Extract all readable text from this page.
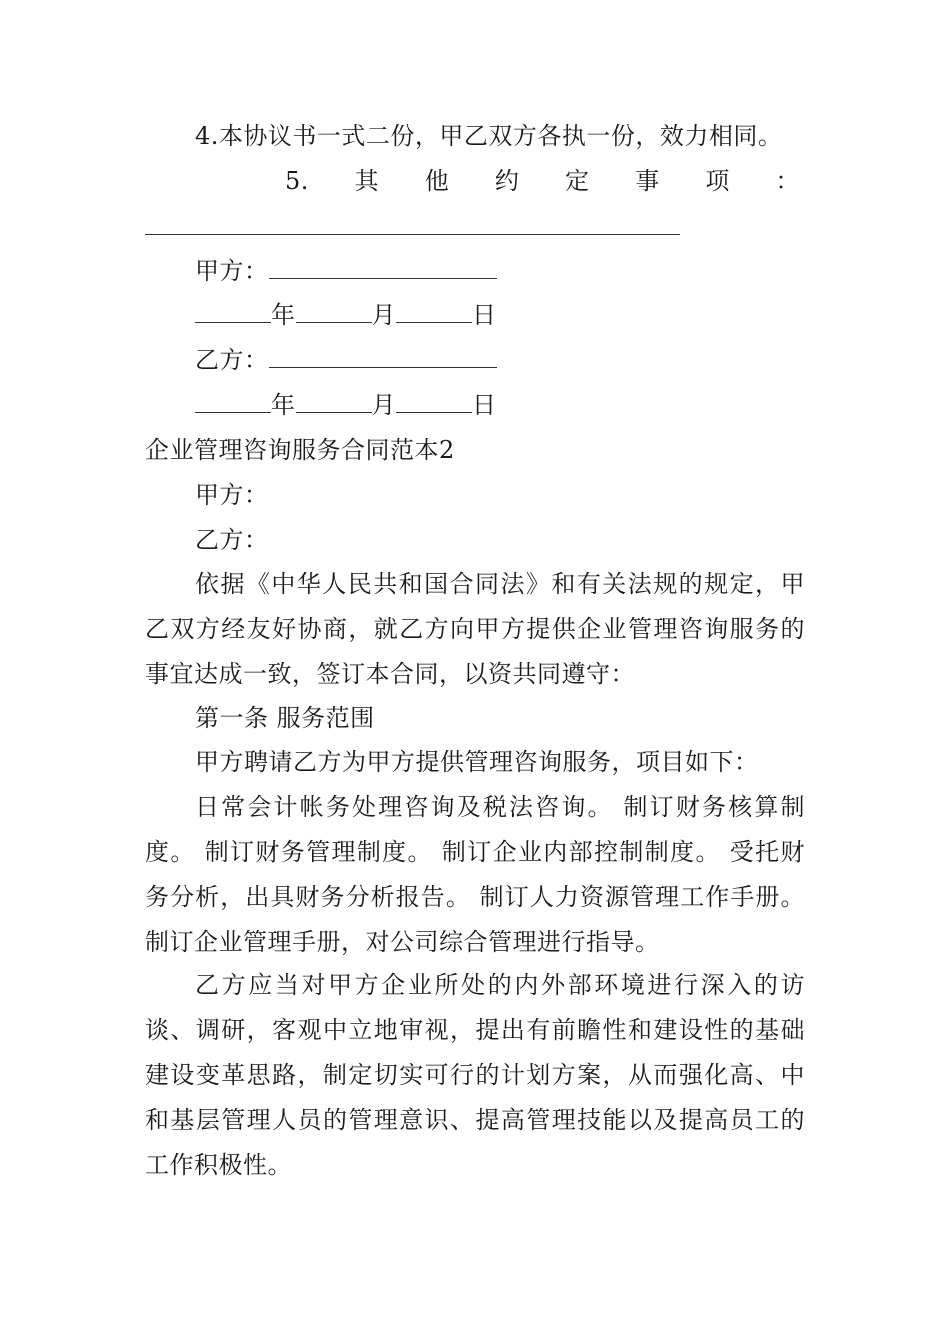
4.本协议书一式二份，甲乙双方各执一份，效力相同。
5. 其 他 约 定 事 项 ：
甲方：
年	月	日
乙方：
年	月	日
企业管理咨询服务合同范本2
甲方：
乙方：
依据《中华人民共和国合同法》和有关法规的规定，甲乙双方经友好协商，就乙方向甲方提供企业管理咨询服务的事宜达成一致，签订本合同，以资共同遵守：
第一条 服务范围
甲方聘请乙方为甲方提供管理咨询服务，项目如下：
日常会计帐务处理咨询及税法咨询。 制订财务核算制度。 制订财务管理制度。 制订企业内部控制制度。 受托财务分析，出具财务分析报告。 制订人力资源管理工作手册。 制订企业管理手册，对公司综合管理进行指导。
乙方应当对甲方企业所处的内外部环境进行深入的访谈、调研，客观中立地审视，提出有前瞻性和建设性的基础建设变革思路，制定切实可行的计划方案，从而强化高、中和基层管理人员的管理意识、提高管理技能以及提高员工的工作积极性。
